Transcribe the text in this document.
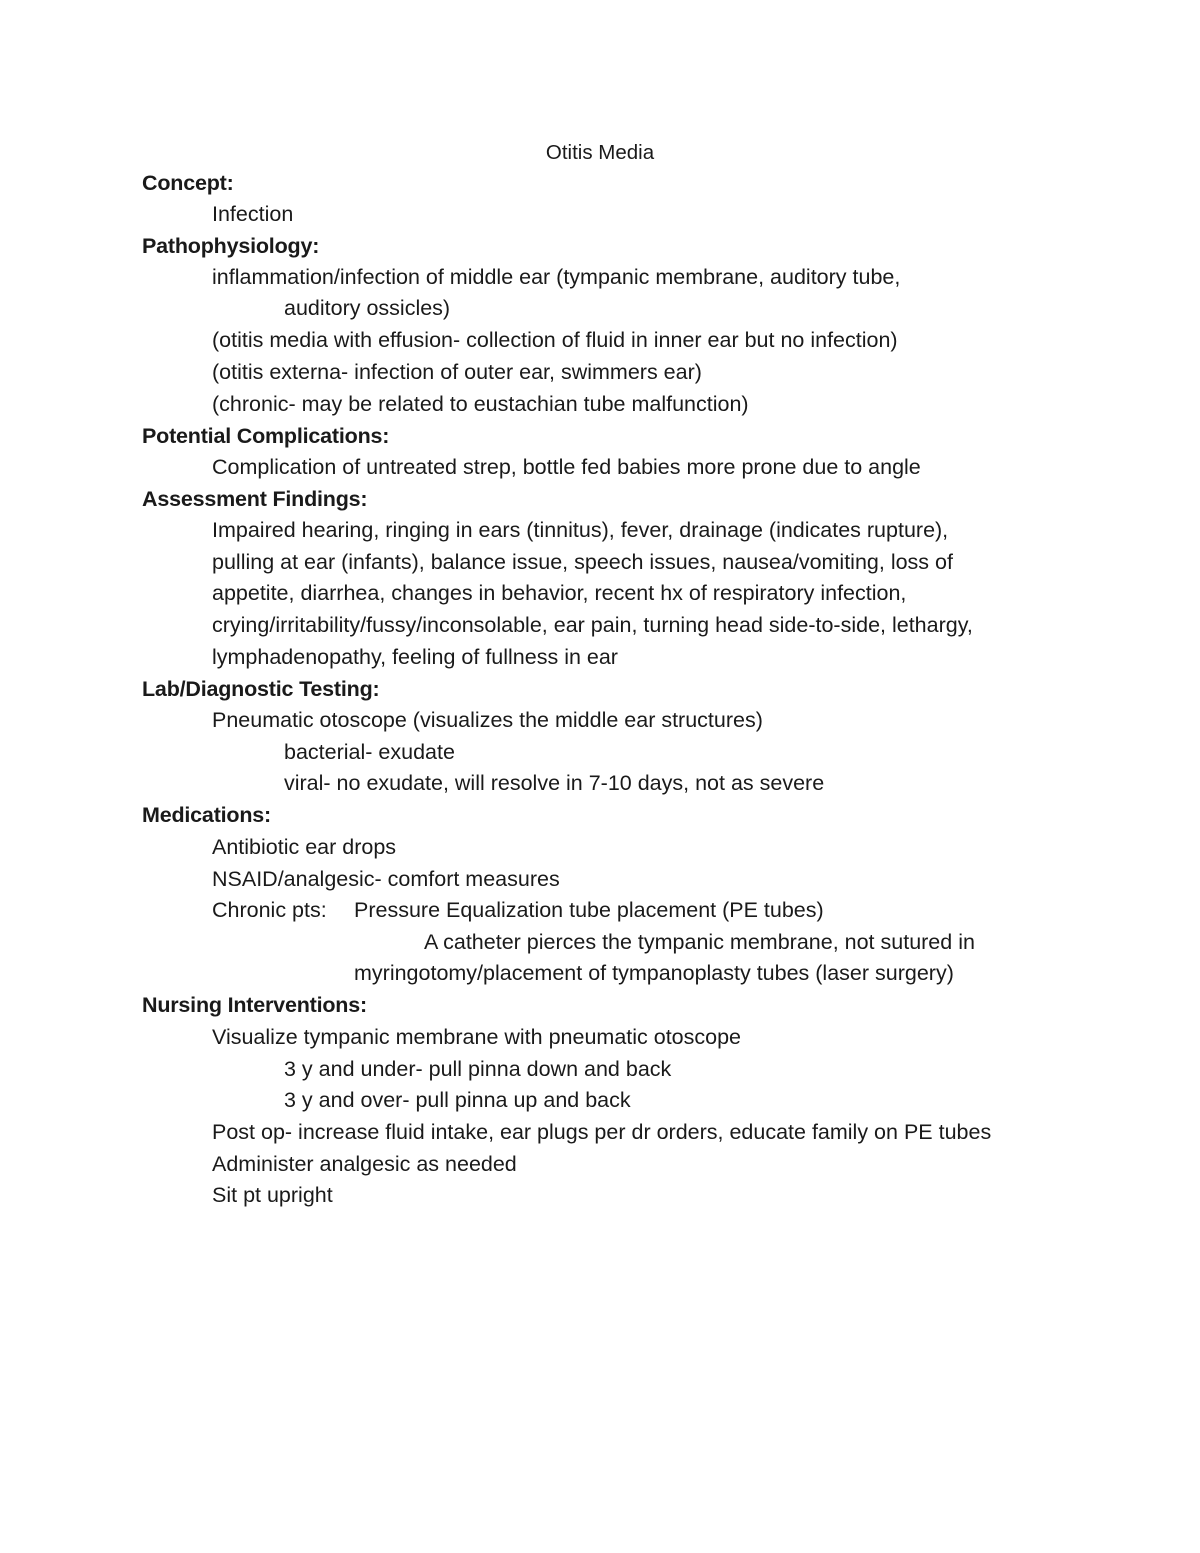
Otitis Media
Concept:
Infection
Pathophysiology:
inflammation/infection of middle ear (tympanic membrane, auditory tube,
auditory ossicles)
(otitis media with effusion- collection of fluid in inner ear but no infection)
(otitis externa- infection of outer ear, swimmers ear)
(chronic- may be related to eustachian tube malfunction)
Potential Complications:
Complication of untreated strep, bottle fed babies more prone due to angle
Assessment Findings:
Impaired hearing, ringing in ears (tinnitus), fever, drainage (indicates rupture),
pulling at ear (infants), balance issue, speech issues, nausea/vomiting, loss of
appetite, diarrhea, changes in behavior, recent hx of respiratory infection,
crying/irritability/fussy/inconsolable, ear pain, turning head side-to-side, lethargy,
lymphadenopathy, feeling of fullness in ear
Lab/Diagnostic Testing:
Pneumatic otoscope (visualizes the middle ear structures)
bacterial- exudate
viral- no exudate, will resolve in 7-10 days, not as severe
Medications:
Antibiotic ear drops
NSAID/analgesic- comfort measures
Chronic pts: Pressure Equalization tube placement (PE tubes)
A catheter pierces the tympanic membrane, not sutured in
myringotomy/placement of tympanoplasty tubes (laser surgery)
Nursing Interventions:
Visualize tympanic membrane with pneumatic otoscope
3 y and under- pull pinna down and back
3 y and over- pull pinna up and back
Post op- increase fluid intake, ear plugs per dr orders, educate family on PE tubes
Administer analgesic as needed
Sit pt upright
